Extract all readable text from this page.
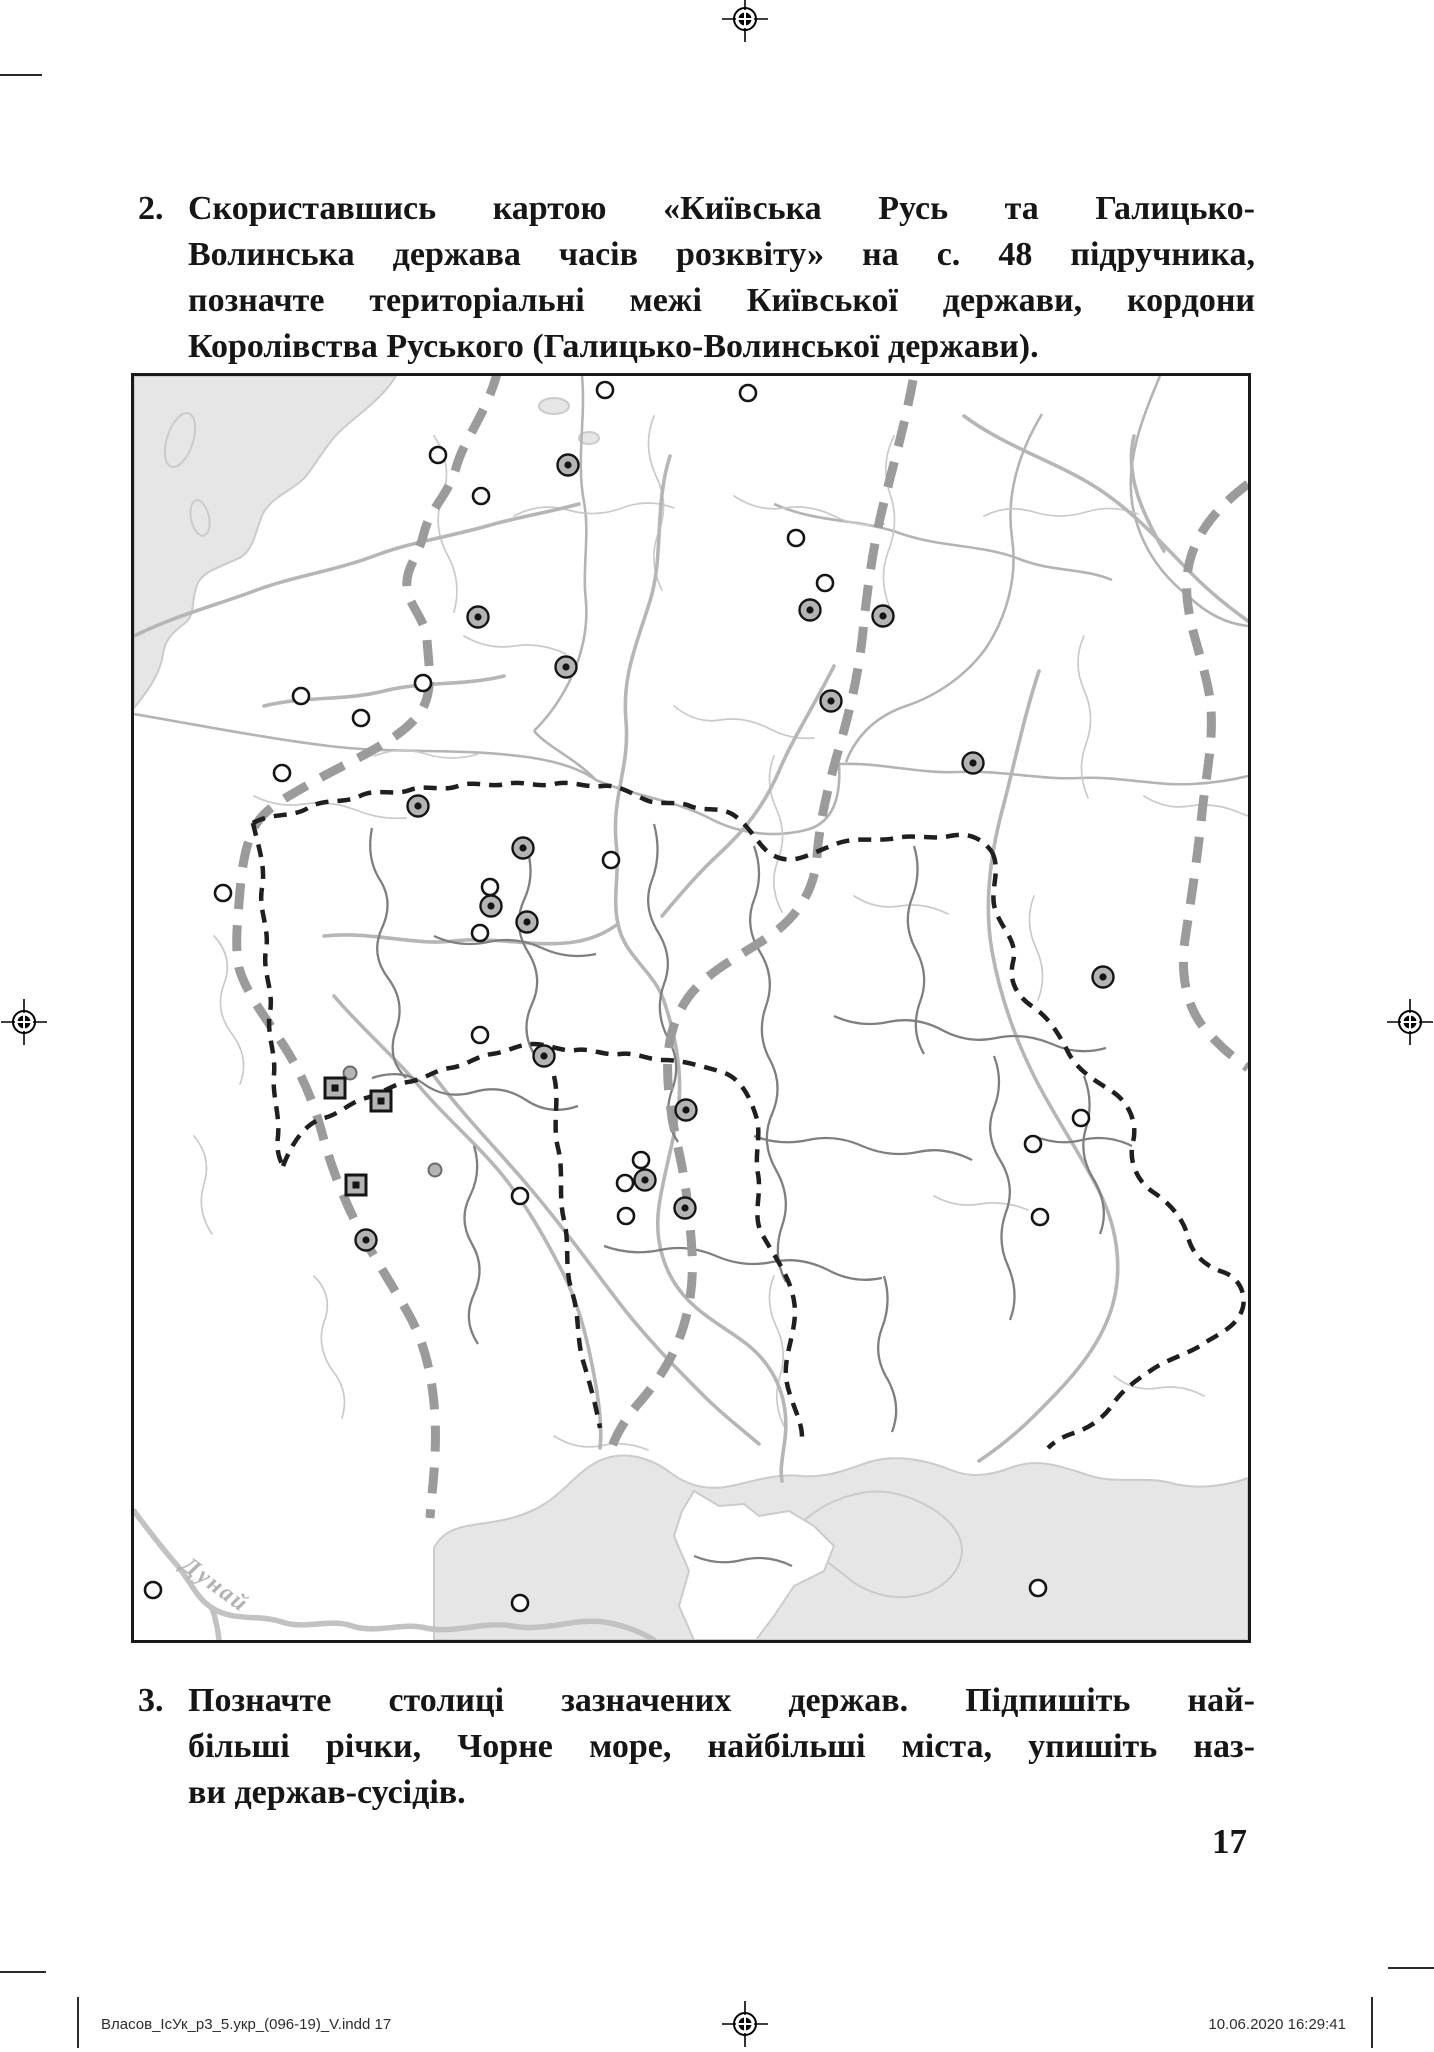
2. Скориставшись картою «Київська Русь та Галицько-
Волинська держава часів розквіту» на с. 48 підручника,
позначте територіальні межі Київської держави, кордони
Королівства Руського (Галицько-Волинської держави).
Дунай
3. Позначте столиці зазначених держав. Підпишіть най-
більші річки, Чорне море, найбільші міста, упишіть наз-
ви держав-сусідів.
17
Власов_ІсУк_р3_5.укр_(096-19)_V.indd 17	10.06.2020 16:29:41
